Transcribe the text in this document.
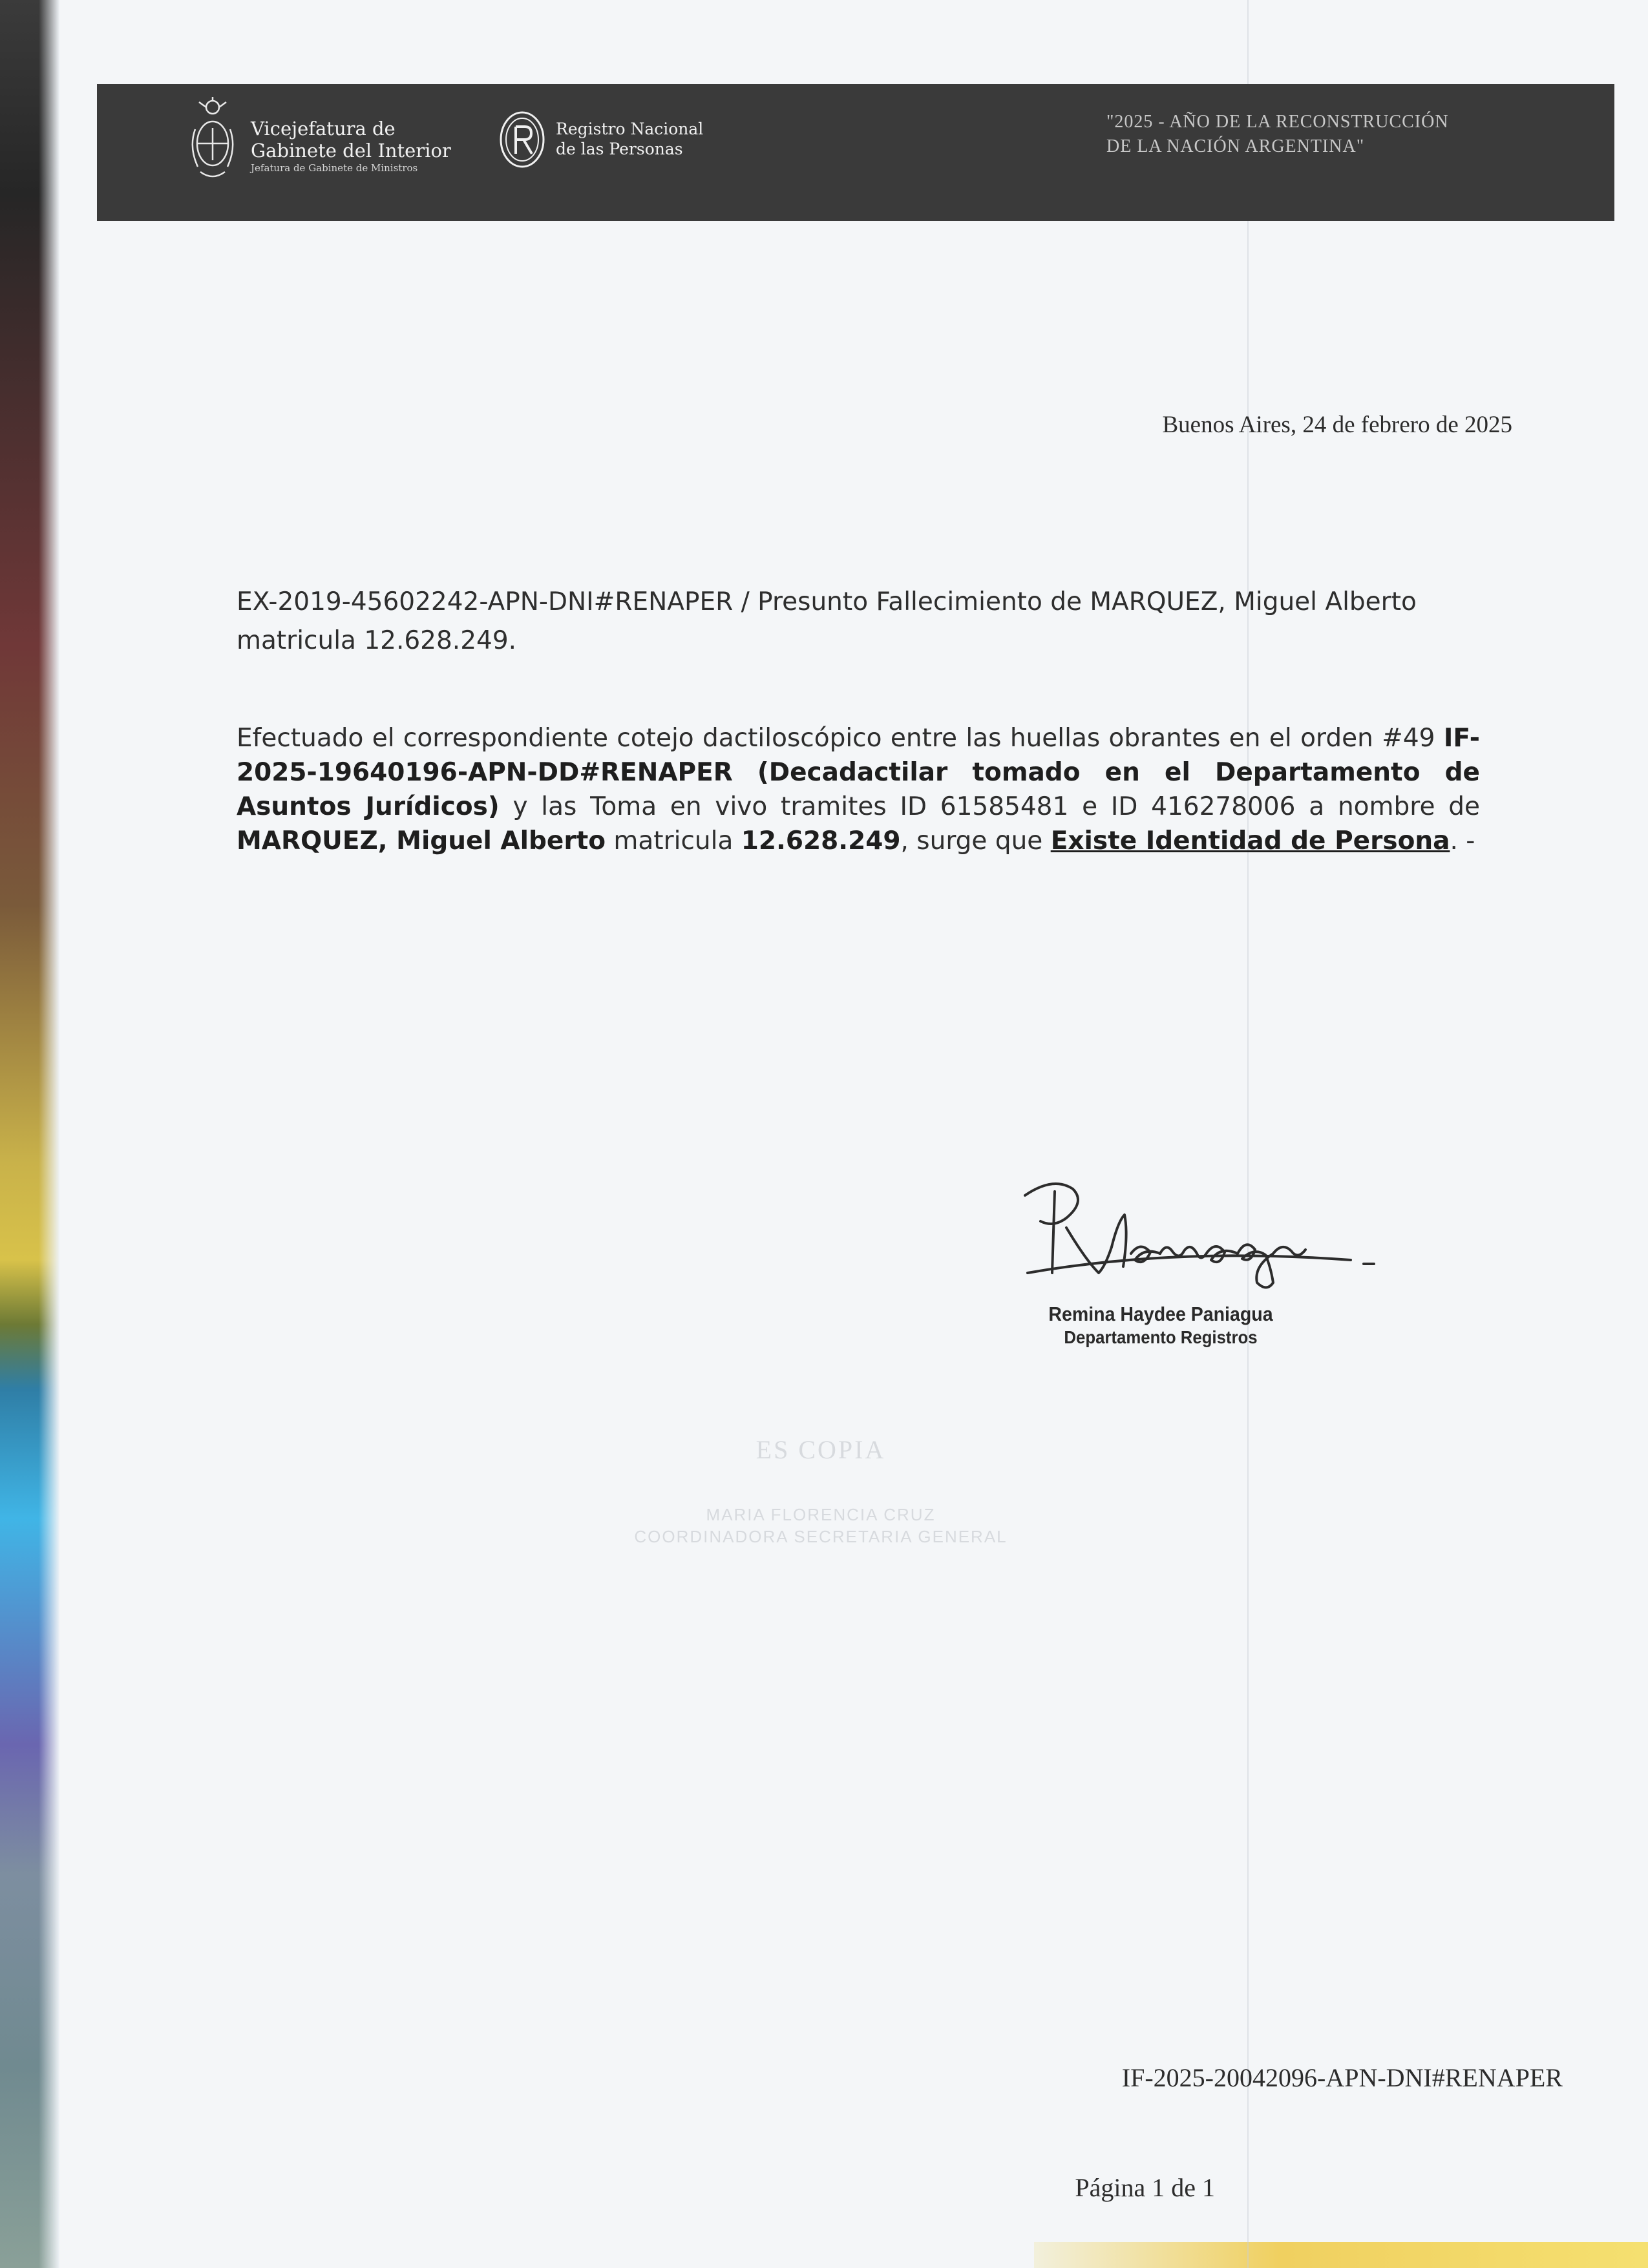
Vicejefatura de
Gabinete del Interior
Jefatura de Gabinete de Ministros
Registro Nacional
de las Personas
"2025 - AÑO DE LA RECONSTRUCCIÓN
DE LA NACIÓN ARGENTINA"
Buenos Aires, 24 de febrero de 2025
EX-2019-45602242-APN-DNI#RENAPER / Presunto Fallecimiento de MARQUEZ, Miguel Alberto matricula 12.628.249.
Efectuado el correspondiente cotejo dactiloscópico entre las huellas obrantes en el orden #49 IF-2025-19640196-APN-DD#RENAPER (Decadactilar tomado en el Departamento de Asuntos Jurídicos) y las Toma en vivo tramites ID 61585481 e ID 416278006 a nombre de MARQUEZ, Miguel Alberto matricula 12.628.249, surge que Existe Identidad de Persona. -
Remina Haydee Paniagua
Departamento Registros
ES COPIA
MARIA FLORENCIA CRUZ
COORDINADORA SECRETARIA GENERAL
IF-2025-20042096-APN-DNI#RENAPER
Página 1 de 1
